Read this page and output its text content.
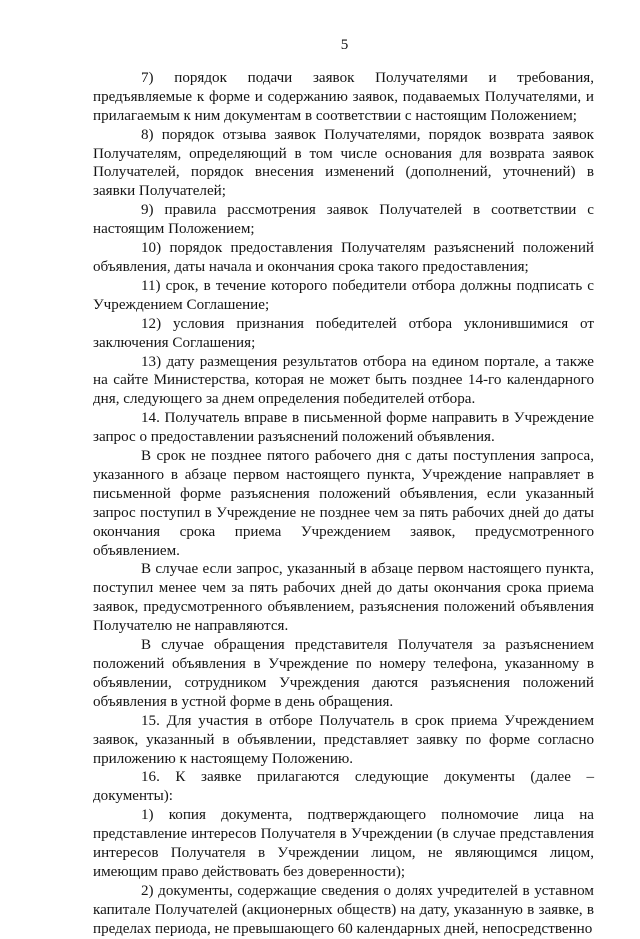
5

7) порядок подачи заявок Получателями и требования, предъявляемые к форме и содержанию заявок, подаваемых Получателями, и прилагаемым к ним документам в соответствии с настоящим Положением;

8) порядок отзыва заявок Получателями, порядок возврата заявок Получателям, определяющий в том числе основания для возврата заявок Получателей, порядок внесения изменений (дополнений, уточнений) в заявки Получателей;

9) правила рассмотрения заявок Получателей в соответствии с настоящим Положением;

10) порядок предоставления Получателям разъяснений положений объявления, даты начала и окончания срока такого предоставления;

11) срок, в течение которого победители отбора должны подписать с Учреждением Соглашение;

12) условия признания победителей отбора уклонившимися от заключения Соглашения;

13) дату размещения результатов отбора на едином портале, а также на сайте Министерства, которая не может быть позднее 14-го календарного дня, следующего за днем определения победителей отбора.

14. Получатель вправе в письменной форме направить в Учреждение запрос о предоставлении разъяснений положений объявления.

В срок не позднее пятого рабочего дня с даты поступления запроса, указанного в абзаце первом настоящего пункта, Учреждение направляет в письменной форме разъяснения положений объявления, если указанный запрос поступил в Учреждение не позднее чем за пять рабочих дней до даты окончания срока приема Учреждением заявок, предусмотренного объявлением.

В случае если запрос, указанный в абзаце первом настоящего пункта, поступил менее чем за пять рабочих дней до даты окончания срока приема заявок, предусмотренного объявлением, разъяснения положений объявления Получателю не направляются.

В случае обращения представителя Получателя за разъяснением положений объявления в Учреждение по номеру телефона, указанному в объявлении, сотрудником Учреждения даются разъяснения положений объявления в устной форме в день обращения.

15. Для участия в отборе Получатель в срок приема Учреждением заявок, указанный в объявлении, представляет заявку по форме согласно приложению к настоящему Положению.

16. К заявке прилагаются следующие документы (далее – документы):

1) копия документа, подтверждающего полномочие лица на представление интересов Получателя в Учреждении (в случае представления интересов Получателя в Учреждении лицом, не являющимся лицом, имеющим право действовать без доверенности);

2) документы, содержащие сведения о долях учредителей в уставном капитале Получателей (акционерных обществ) на дату, указанную в заявке, в пределах периода, не превышающего 60 календарных дней, непосредственно
